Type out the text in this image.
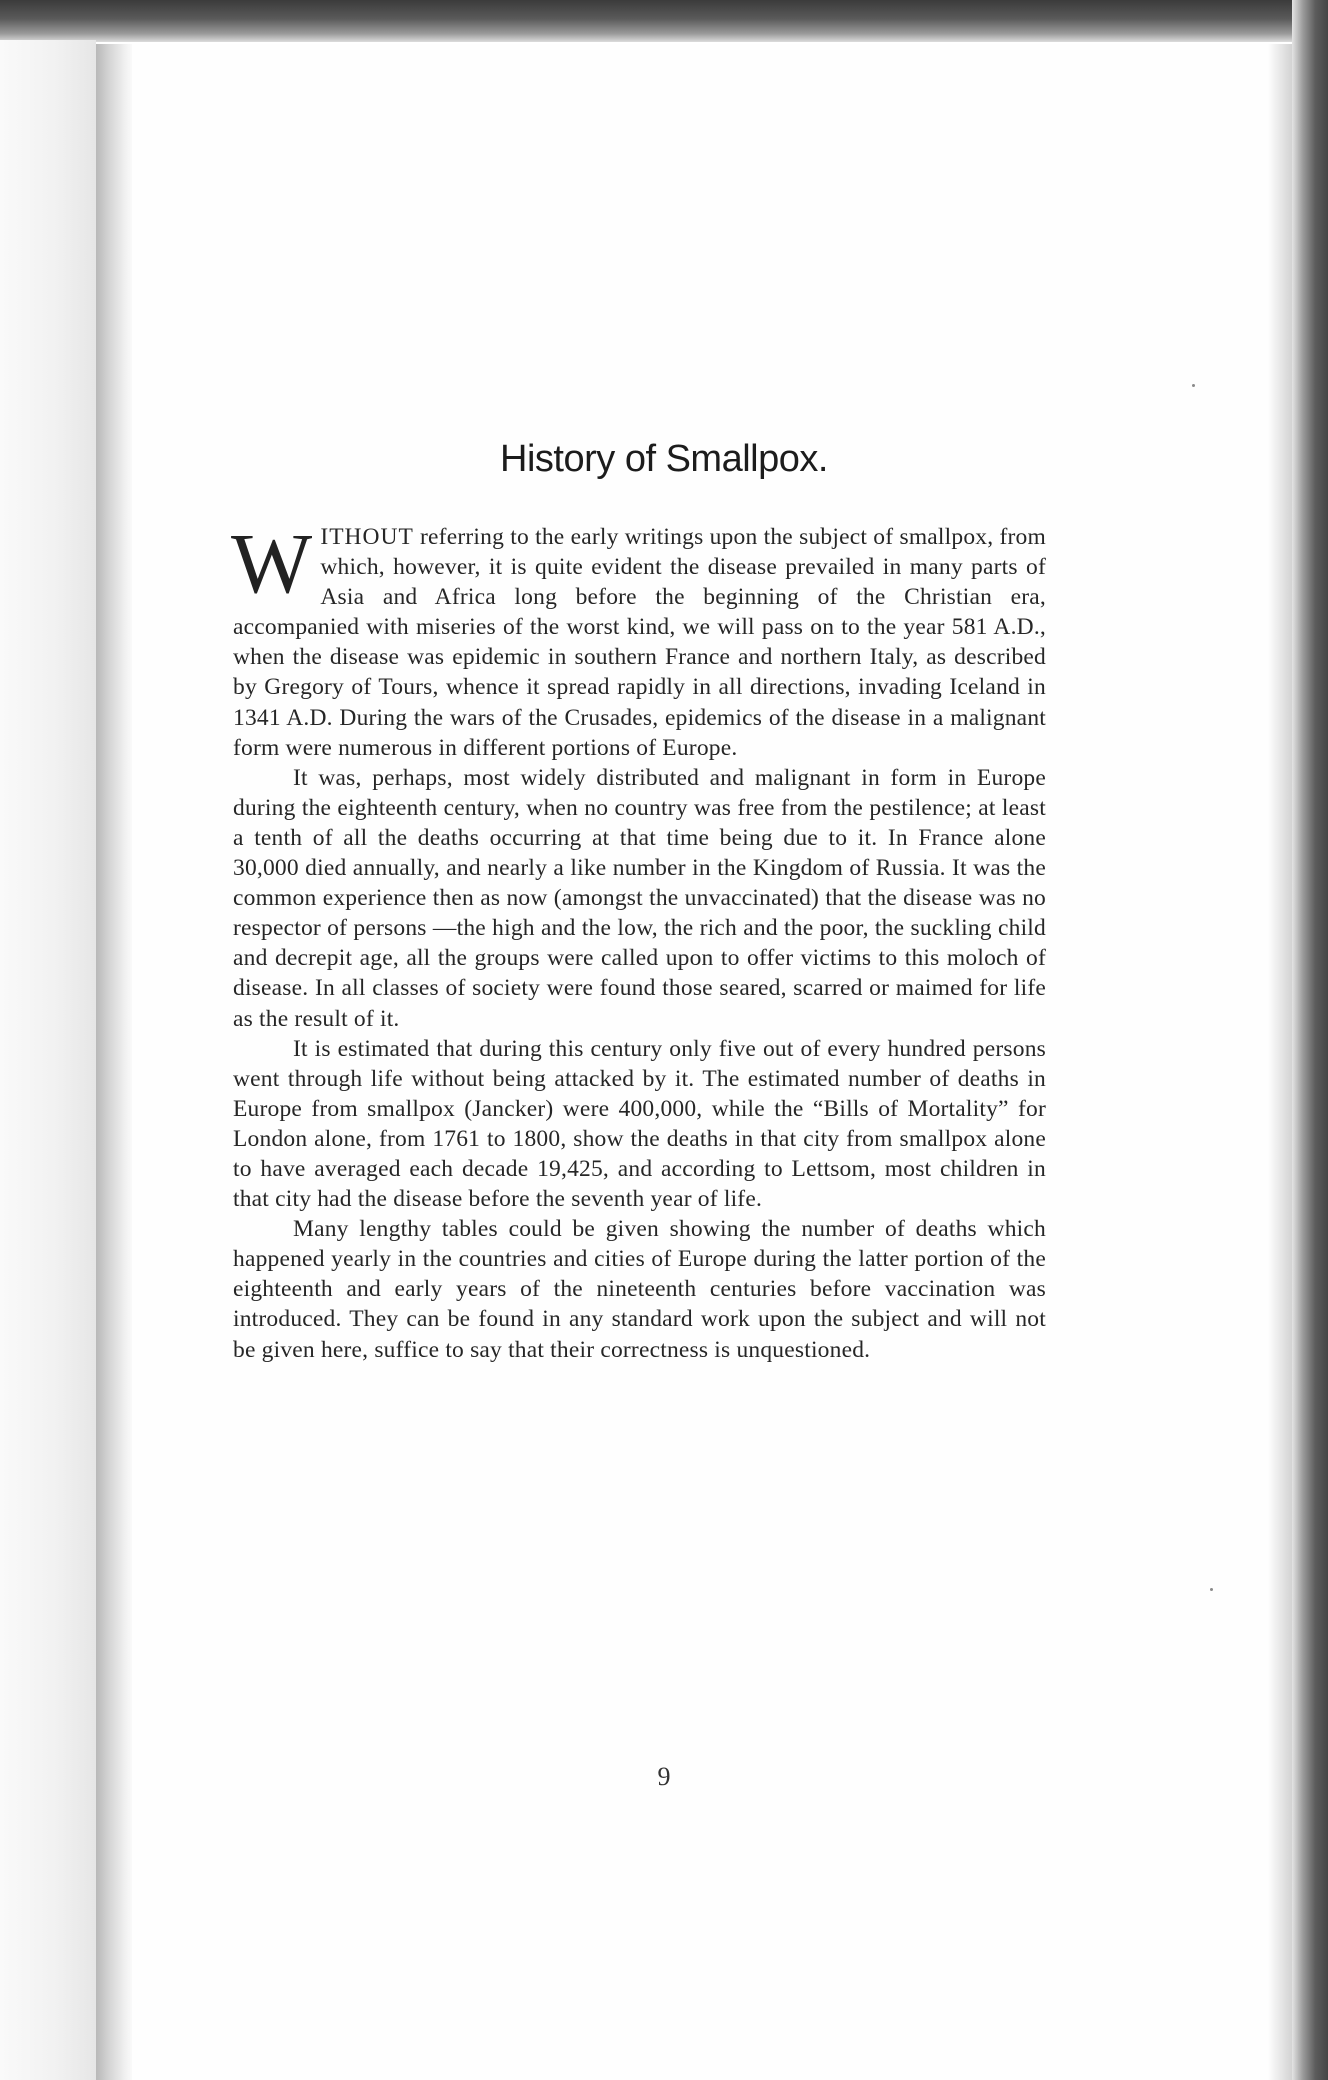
History of Smallpox.

WITHOUT referring to the early writings upon the subject of smallpox, from which, however, it is quite evident the disease prevailed in many parts of Asia and Africa long before the beginning of the Christian era, accompanied with miseries of the worst kind, we will pass on to the year 581 A.D., when the disease was epidemic in southern France and northern Italy, as described by Gregory of Tours, whence it spread rapidly in all directions, invading Iceland in 1341 A.D. During the wars of the Crusades, epidemics of the disease in a malignant form were numerous in different portions of Europe.

It was, perhaps, most widely distributed and malignant in form in Europe during the eighteenth century, when no country was free from the pestilence; at least a tenth of all the deaths occurring at that time being due to it. In France alone 30,000 died annually, and nearly a like number in the Kingdom of Russia. It was the common experience then as now (amongst the unvaccinated) that the disease was no respector of persons —the high and the low, the rich and the poor, the suckling child and decrepit age, all the groups were called upon to offer victims to this moloch of disease. In all classes of society were found those seared, scarred or maimed for life as the result of it.

It is estimated that during this century only five out of every hundred persons went through life without being attacked by it. The estimated number of deaths in Europe from smallpox (Jancker) were 400,000, while the “Bills of Mortality” for London alone, from 1761 to 1800, show the deaths in that city from smallpox alone to have averaged each decade 19,425, and according to Lettsom, most children in that city had the disease before the seventh year of life.

Many lengthy tables could be given showing the number of deaths which happened yearly in the countries and cities of Europe during the latter portion of the eighteenth and early years of the nineteenth centuries before vaccination was introduced. They can be found in any standard work upon the subject and will not be given here, suffice to say that their correctness is unquestioned.

9
